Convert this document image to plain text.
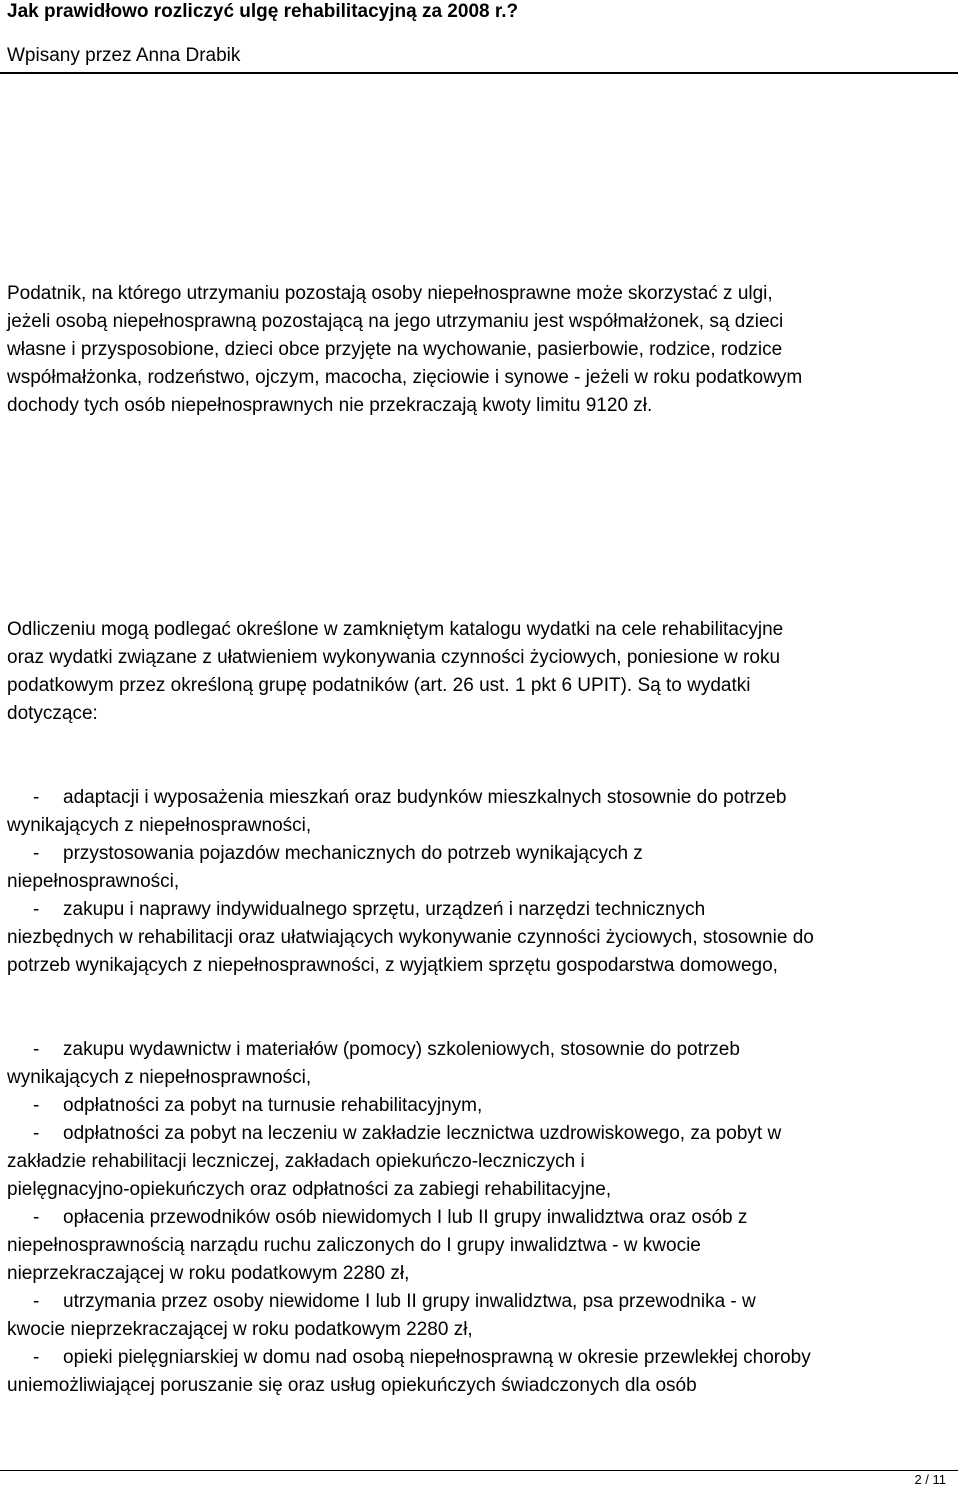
Jak prawidłowo rozliczyć ulgę rehabilitacyjną za 2008 r.?
Wpisany przez Anna Drabik
Podatnik, na którego utrzymaniu pozostają osoby niepełnosprawne może skorzystać z ulgi,
jeżeli osobą niepełnosprawną pozostającą na jego utrzymaniu jest współmałżonek, są dzieci
własne i przysposobione, dzieci obce przyjęte na wychowanie, pasierbowie, rodzice, rodzice
współmałżonka, rodzeństwo, ojczym, macocha, zięciowie i synowe - jeżeli w roku podatkowym
dochody tych osób niepełnosprawnych nie przekraczają kwoty limitu 9120 zł.
Odliczeniu mogą podlegać określone w zamkniętym katalogu wydatki na cele rehabilitacyjne
oraz wydatki związane z ułatwieniem wykonywania czynności życiowych, poniesione w roku
podatkowym przez określoną grupę podatników (art. 26 ust. 1 pkt 6 UPIT). Są to wydatki
dotyczące:
- adaptacji i wyposażenia mieszkań oraz budynków mieszkalnych stosownie do potrzeb
wynikających z niepełnosprawności,
- przystosowania pojazdów mechanicznych do potrzeb wynikających z
niepełnosprawności,
- zakupu i naprawy indywidualnego sprzętu, urządzeń i narzędzi technicznych
niezbędnych w rehabilitacji oraz ułatwiających wykonywanie czynności życiowych, stosownie do
potrzeb wynikających z niepełnosprawności, z wyjątkiem sprzętu gospodarstwa domowego,
- zakupu wydawnictw i materiałów (pomocy) szkoleniowych, stosownie do potrzeb
wynikających z niepełnosprawności,
- odpłatności za pobyt na turnusie rehabilitacyjnym,
- odpłatności za pobyt na leczeniu w zakładzie lecznictwa uzdrowiskowego, za pobyt w
zakładzie rehabilitacji leczniczej, zakładach opiekuńczo-leczniczych i
pielęgnacyjno-opiekuńczych oraz odpłatności za zabiegi rehabilitacyjne,
- opłacenia przewodników osób niewidomych I lub II grupy inwalidztwa oraz osób z
niepełnosprawnością narządu ruchu zaliczonych do I grupy inwalidztwa - w kwocie
nieprzekraczającej w roku podatkowym 2280 zł,
- utrzymania przez osoby niewidome I lub II grupy inwalidztwa, psa przewodnika - w
kwocie nieprzekraczającej w roku podatkowym 2280 zł,
- opieki pielęgniarskiej w domu nad osobą niepełnosprawną w okresie przewlekłej choroby
uniemożliwiającej poruszanie się oraz usług opiekuńczych świadczonych dla osób
2 / 11
